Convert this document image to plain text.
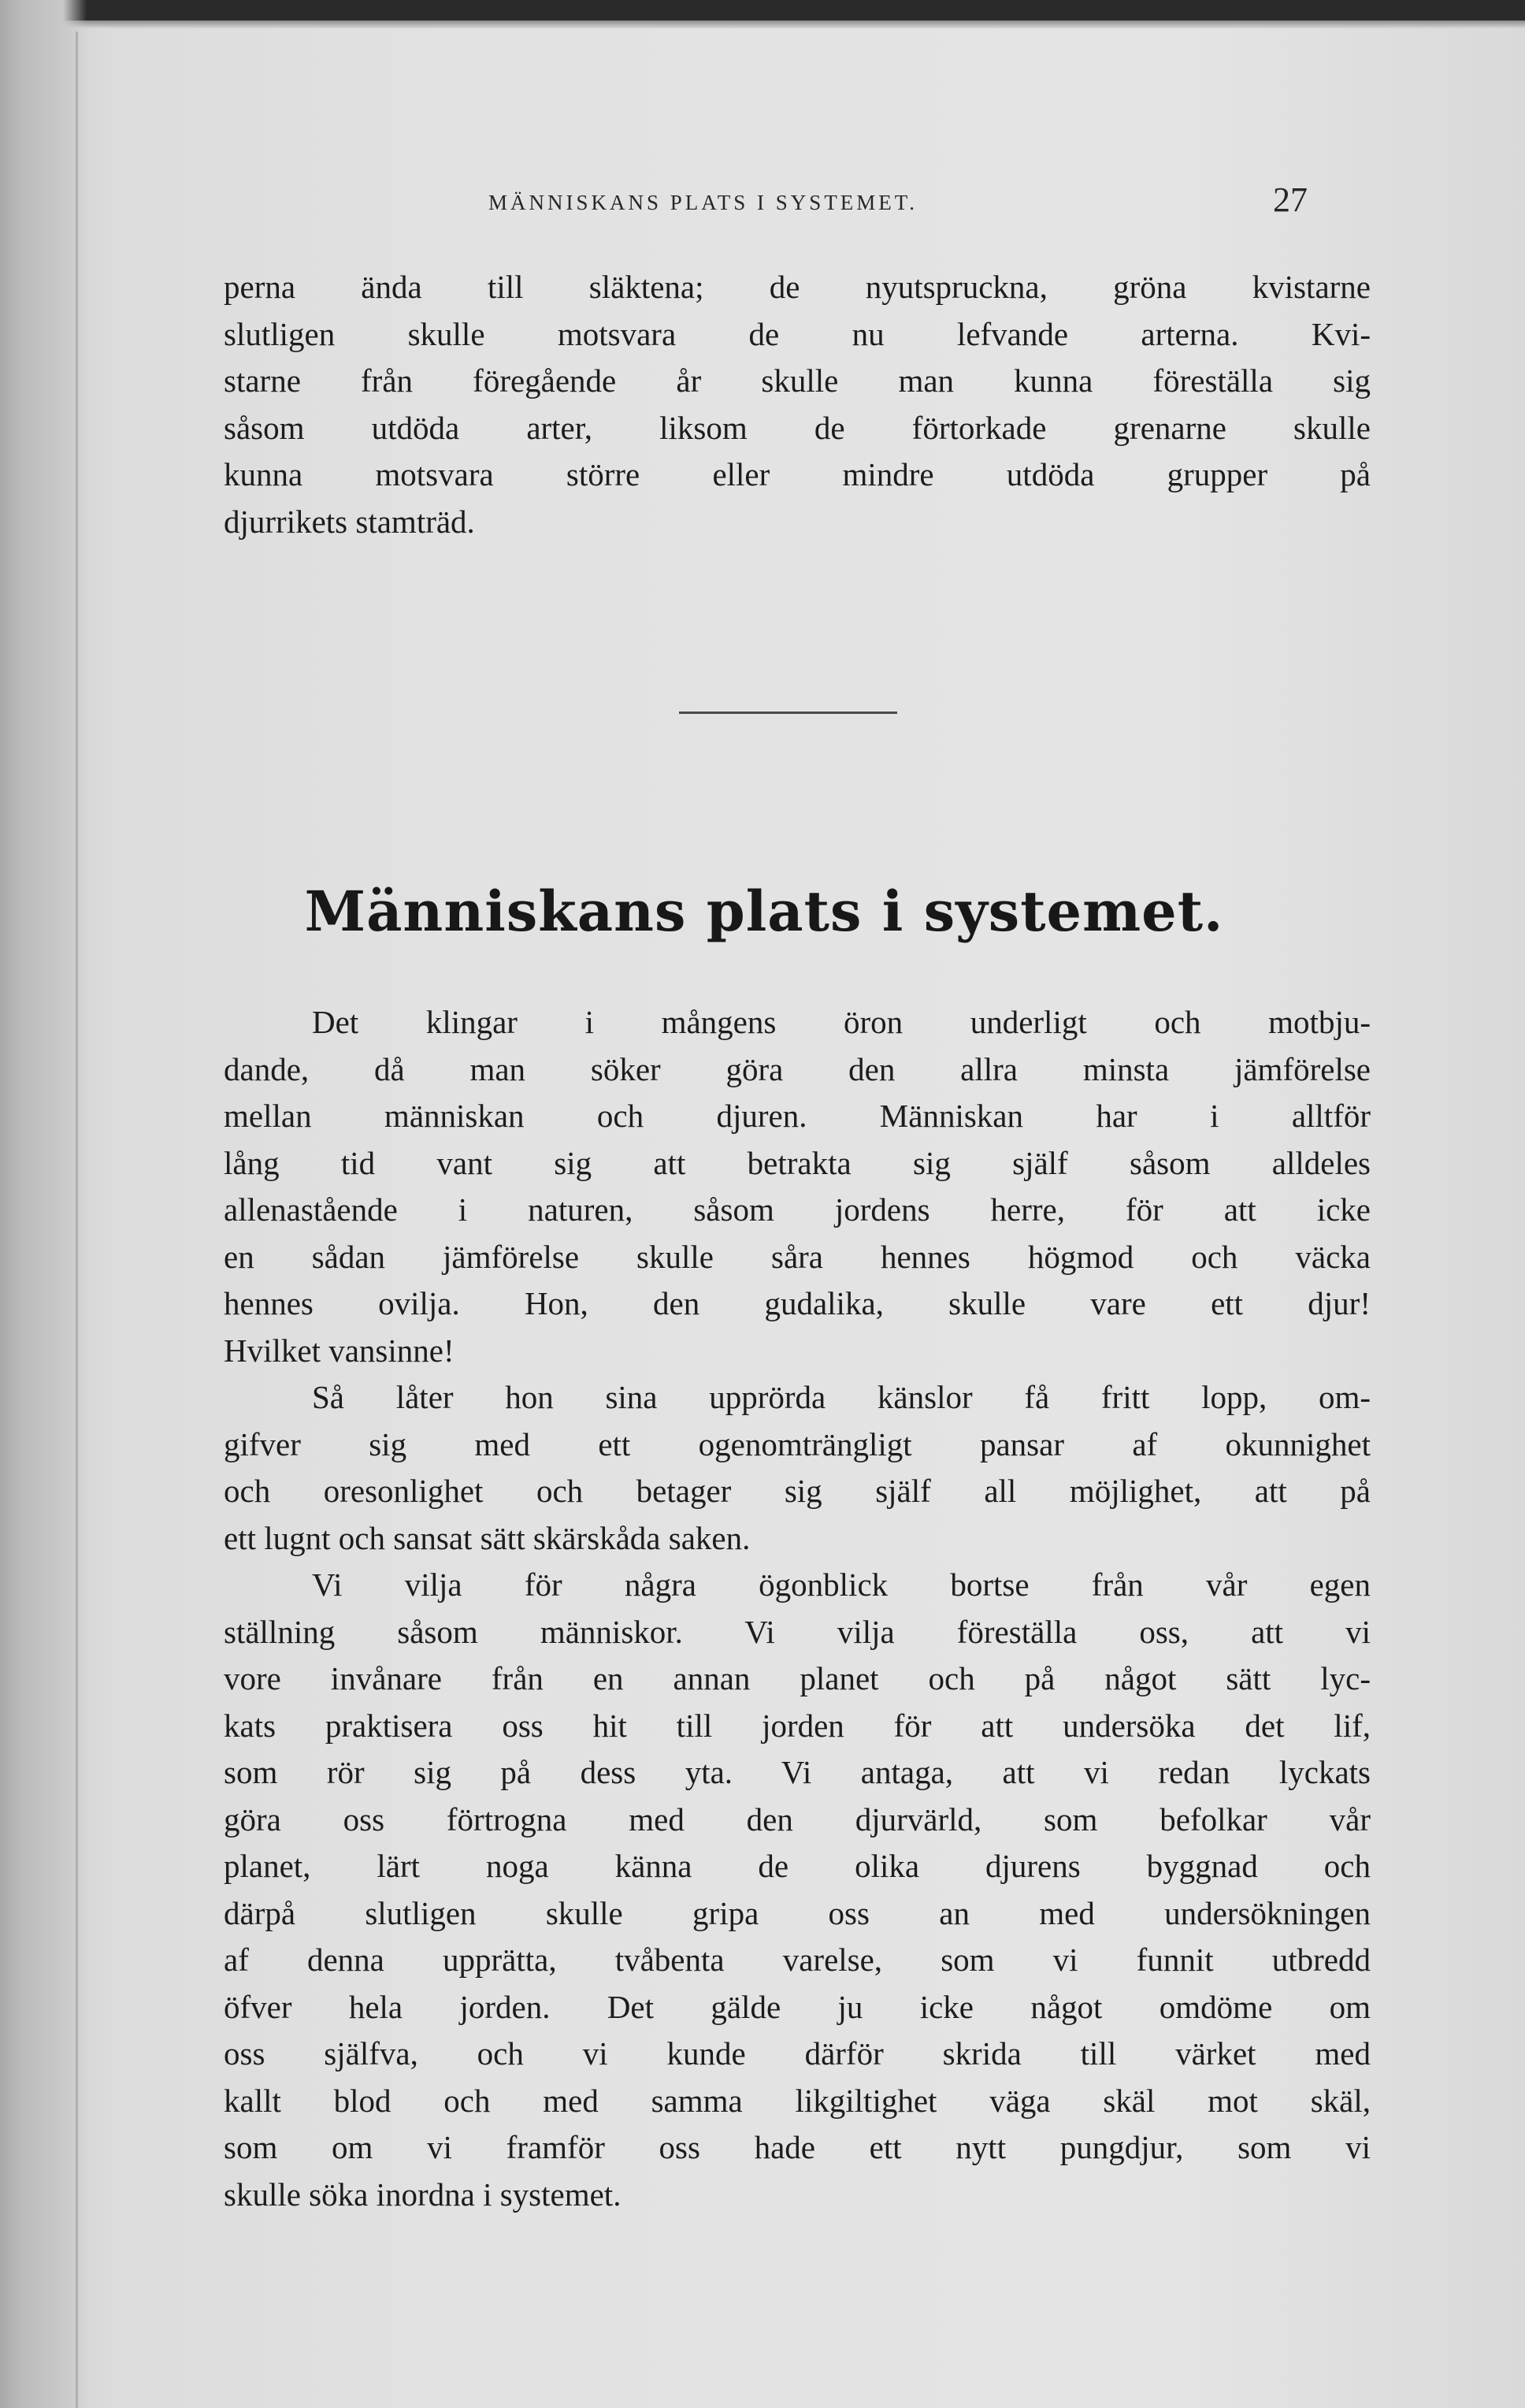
MÄNNISKANS PLATS I SYSTEMET.	27
perna ända till släktena; de nyutspruckna, gröna kvistarne
slutligen skulle motsvara de nu lefvande arterna. Kvi-
starne från föregående år skulle man kunna föreställa sig
såsom utdöda arter, liksom de förtorkade grenarne skulle
kunna motsvara större eller mindre utdöda grupper på
djurrikets stamträd.
Människans plats i systemet.
Det klingar i mångens öron underligt och motbju-
dande, då man söker göra den allra minsta jämförelse
mellan människan och djuren. Människan har i alltför
lång tid vant sig att betrakta sig själf såsom alldeles
allenastående i naturen, såsom jordens herre, för att icke
en sådan jämförelse skulle såra hennes högmod och väcka
hennes ovilja. Hon, den gudalika, skulle vare ett djur!
Hvilket vansinne!
Så låter hon sina upprörda känslor få fritt lopp, om-
gifver sig med ett ogenomträngligt pansar af okunnighet
och oresonlighet och betager sig själf all möjlighet, att på
ett lugnt och sansat sätt skärskåda saken.
Vi vilja för några ögonblick bortse från vår egen
ställning såsom människor. Vi vilja föreställa oss, att vi
vore invånare från en annan planet och på något sätt lyc-
kats praktisera oss hit till jorden för att undersöka det lif,
som rör sig på dess yta. Vi antaga, att vi redan lyckats
göra oss förtrogna med den djurvärld, som befolkar vår
planet, lärt noga känna de olika djurens byggnad och
därpå slutligen skulle gripa oss an med undersökningen
af denna upprätta, tvåbenta varelse, som vi funnit utbredd
öfver hela jorden. Det gälde ju icke något omdöme om
oss själfva, och vi kunde därför skrida till värket med
kallt blod och med samma likgiltighet väga skäl mot skäl,
som om vi framför oss hade ett nytt pungdjur, som vi
skulle söka inordna i systemet.
